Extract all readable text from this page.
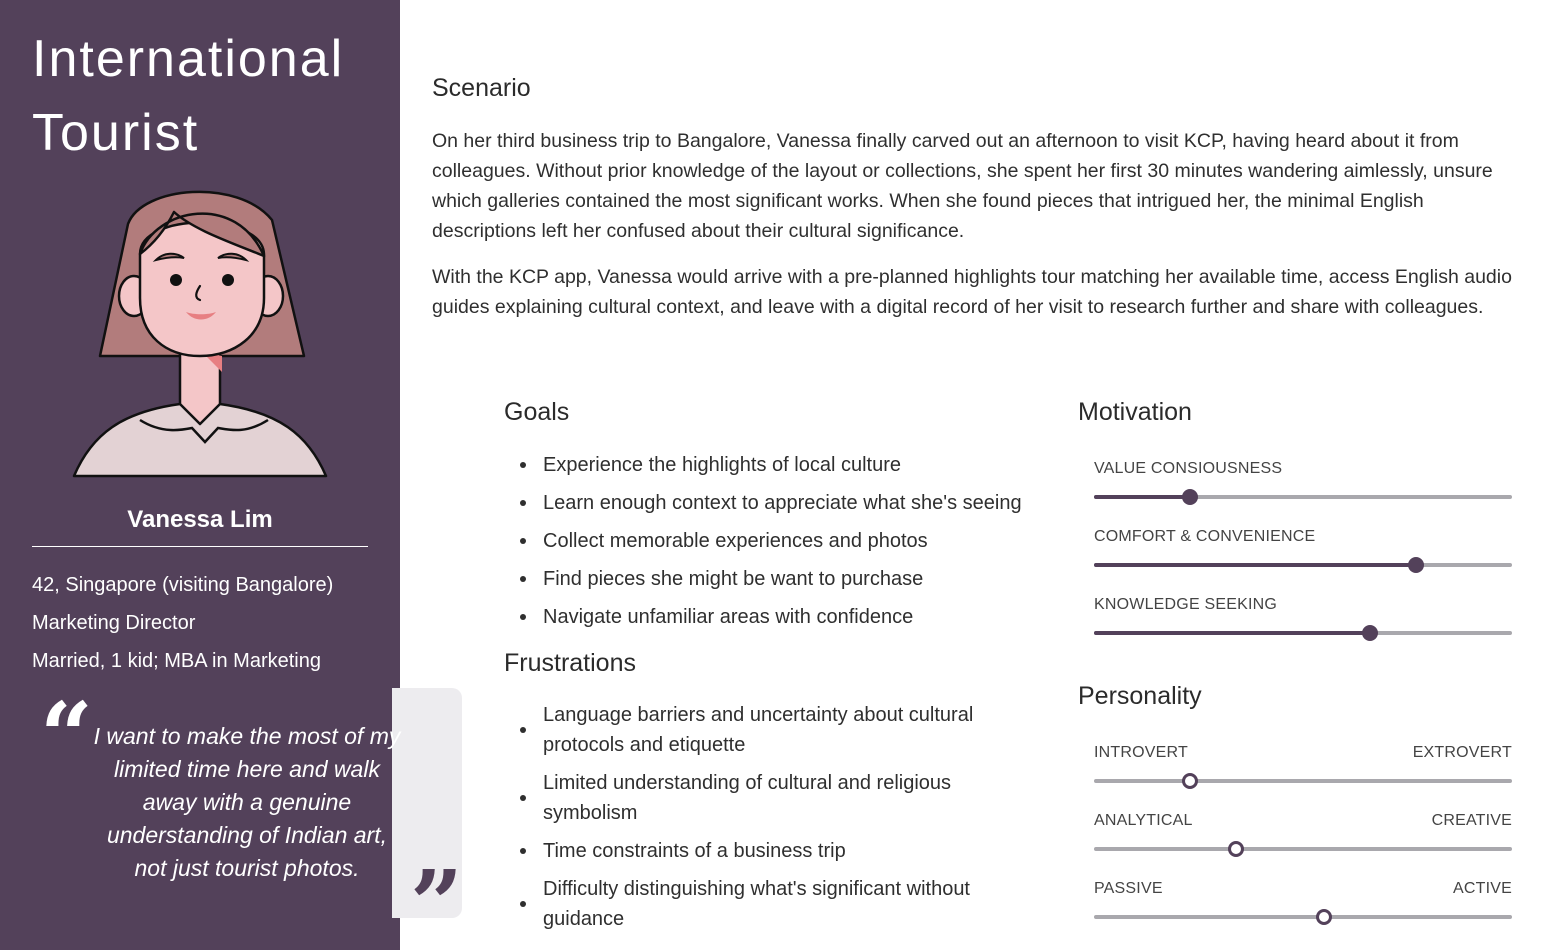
International
Tourist
Vanessa Lim
42, Singapore (visiting Bangalore)
Marketing Director
Married, 1 kid; MBA in Marketing
“ I want to make the most of my limited time here and walk away with a genuine understanding of Indian art, not just tourist photos. ”
Scenario

On her third business trip to Bangalore, Vanessa finally carved out an afternoon to visit KCP, having heard about it from colleagues. Without prior knowledge of the layout or collections, she spent her first 30 minutes wandering aimlessly, unsure which galleries contained the most significant works. When she found pieces that intrigued her, the minimal English descriptions left her confused about their cultural significance.

With the KCP app, Vanessa would arrive with a pre-planned highlights tour matching her available time, access English audio guides explaining cultural context, and leave with a digital record of her visit to research further and share with colleagues.

Goals
Experience the highlights of local culture
Learn enough context to appreciate what she's seeing
Collect memorable experiences and photos
Find pieces she might be want to purchase
Navigate unfamiliar areas with confidence
Frustrations
Language barriers and uncertainty about cultural protocols and etiquette
Limited understanding of cultural and religious symbolism
Time constraints of a business trip
Difficulty distinguishing what's significant without guidance
Motivation
VALUE CONSIOUSNESS
COMFORT & CONVENIENCE
KNOWLEDGE SEEKING
Personality
INTROVERT	EXTROVERT
ANALYTICAL	CREATIVE
PASSIVE	ACTIVE
